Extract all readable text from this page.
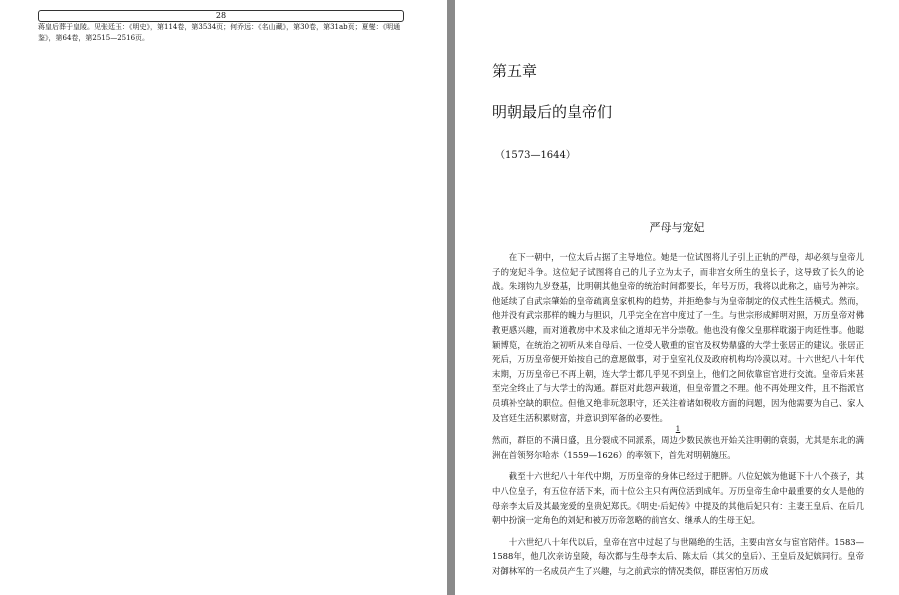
28

蒋皇后葬于皇陵。见张廷玉：《明史》，第114卷，第3534页；何乔远：《名山藏》，第30卷，第31ab页；夏燮：《明通鉴》，第64卷，第2515—2516页。

第五章
明朝最后的皇帝们

（1573—1644）

严母与宠妃

在下一朝中，一位太后占据了主导地位。她是一位试图将儿子引上正轨的严母，却必须与皇帝儿子的宠妃斗争。这位妃子试图将自己的儿子立为太子，而非宫女所生的皇长子，这导致了长久的论战。朱翊钧九岁登基，比明朝其他皇帝的统治时间都要长，年号万历，我将以此称之，庙号为神宗。他延续了自武宗肇始的皇帝疏离皇家机构的趋势，并拒绝参与为皇帝制定的仪式性生活模式。然而，他并没有武宗那样的魄力与胆识，几乎完全在宫中度过了一生。与世宗形成鲜明对照，万历皇帝对佛教更感兴趣，而对道教房中术及求仙之道却无半分崇敬。他也没有像父皇那样耽溺于肉廷性事。他聪颖博览，在统治之初听从来自母后、一位受人敬重的宦官及权势鼎盛的大学士张居正的建议。张居正死后，万历皇帝便开始按自己的意愿做事，对于皇室礼仪及政府机构均冷漠以对。十六世纪八十年代末期，万历皇帝已不再上朝，连大学士都几乎见不到皇上，他们之间依靠宦官进行交流。皇帝后来甚至完全终止了与大学士的沟通。群臣对此怨声载道，但皇帝置之不理。他不再处理文件，且不指派官员填补空缺的职位。但他又绝非玩忽职守，还关注着诸如税收方面的问题，因为他需要为自己、家人及宫廷生活积累财富，并意识到军备的必要性。

1

然而，群臣的不满日盛，且分裂成不同派系，周边少数民族也开始关注明朝的衰弱，尤其是东北的满洲在首领努尔哈赤（1559—1626）的率领下，首先对明朝施压。

截至十六世纪八十年代中期，万历皇帝的身体已经过于肥胖。八位妃嫔为他诞下十八个孩子，其中八位皇子，有五位存活下来，而十位公主只有两位活到成年。万历皇帝生命中最重要的女人是他的母亲李太后及其最宠爱的皇贵妃郑氏。《明史·后妃传》中提及的其他后妃只有：主妻王皇后、在后几朝中扮演一定角色的刘妃和被万历帝忽略的前宫女、继承人的生母王妃。

十六世纪八十年代以后，皇帝在宫中过起了与世隔绝的生活，主要由宫女与宦官陪伴。1583—1588年，他几次亲访皇陵，每次都与生母李太后、陈太后（其父的皇后）、王皇后及妃嫔同行。皇帝对御林军的一名成员产生了兴趣，与之前武宗的情况类似，群臣害怕万历成
